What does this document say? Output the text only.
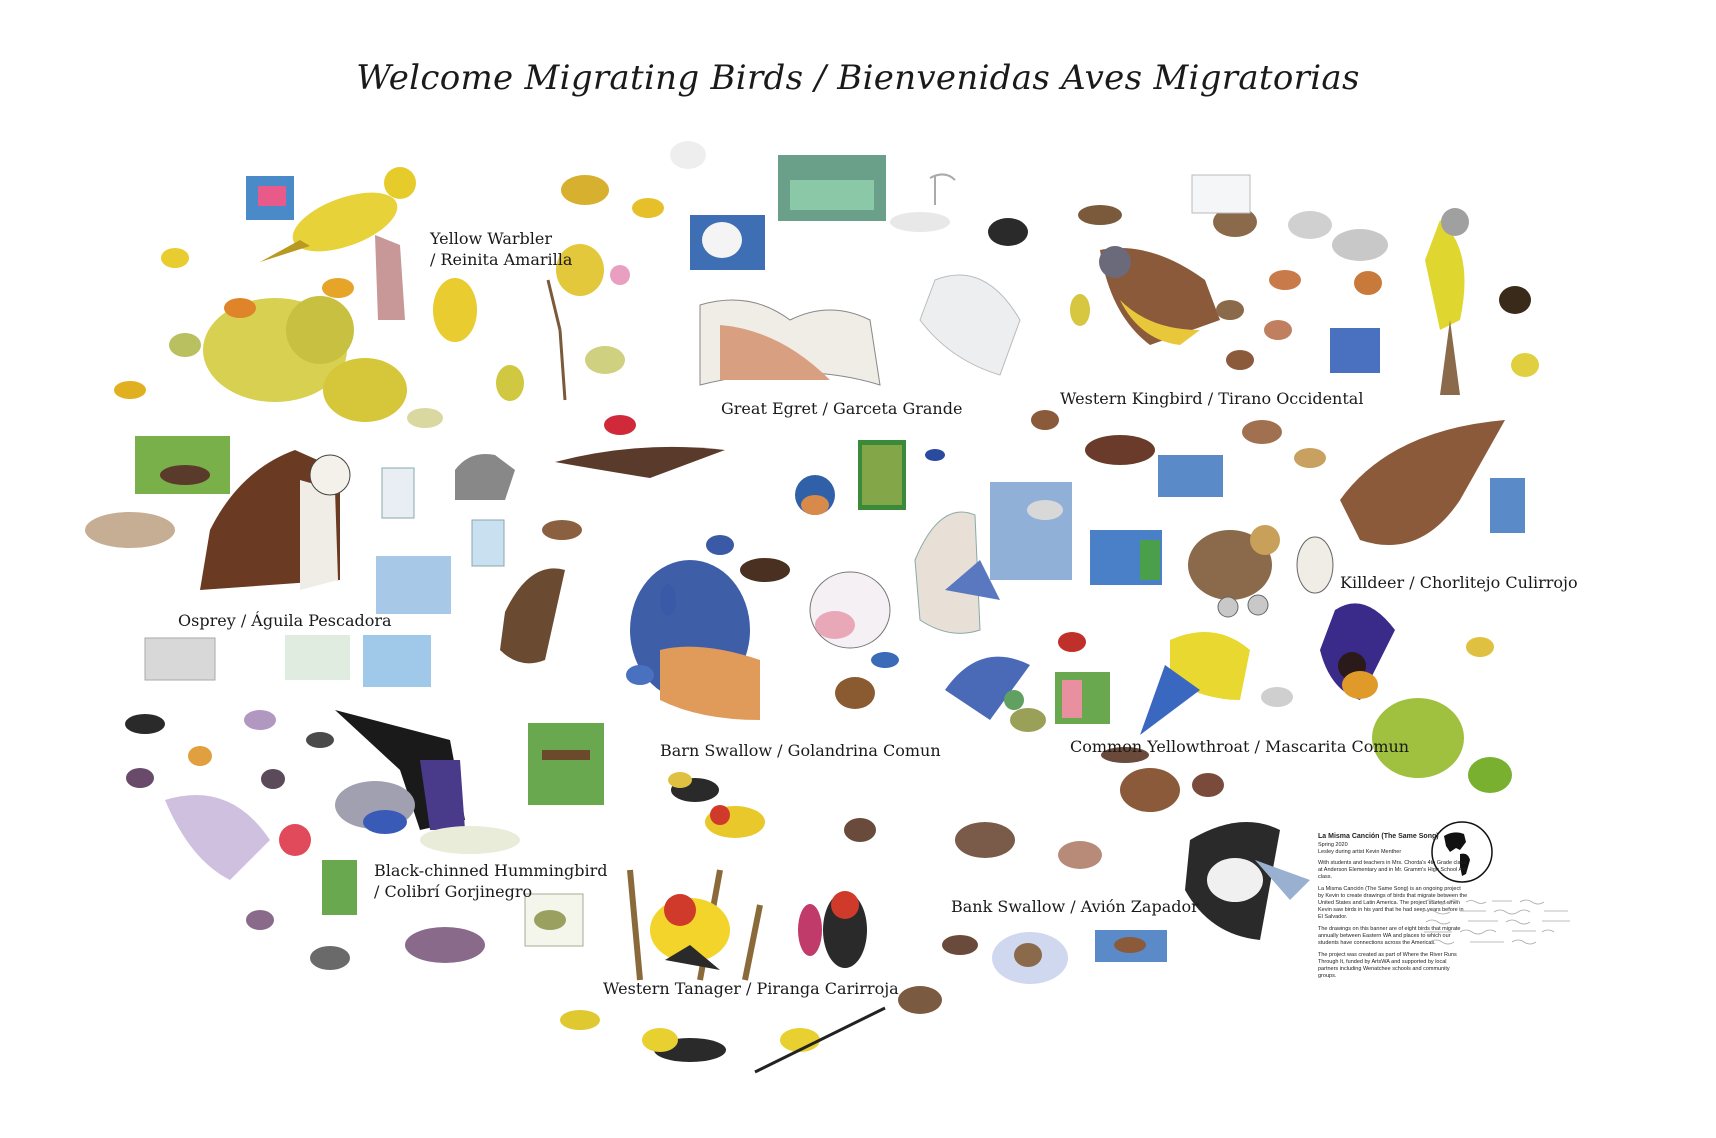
Welcome Migrating Birds / Bienvenidas Aves Migratorias
Yellow Warbler
/ Reinita Amarilla
Great Egret / Garceta Grande
Western Kingbird / Tirano Occidental
Osprey / Águila Pescadora
Killdeer / Chorlitejo Culirrojo
Barn Swallow / Golandrina Comun	Common Yellowthroat / Mascarita Comun
Black-chinned Hummingbird
/ Colibrí Gorjinegro
Bank Swallow / Avión Zapador
Western Tanager / Piranga Carirroja
La Misma Canción (The Same Song)
Spring 2020
Lesley during artist Kevin Menther
With students and teachers in Mrs. Chorda's 4th Grade class at Anderson Elementary and in Mr. Gramm's High School Art class.
La Misma Canción (The Same Song) is an ongoing project by Kevin to create drawings of birds that migrate between the United States and Latin America. The project started when Kevin saw birds in his yard that he had seen years before in El Salvador.
The drawings on this banner are of eight birds that migrate annually between Eastern WA and places to which our students have connections across the Americas.
The project was created as part of Where the River Runs Through It, funded by ArtsWA and supported by local partners including Wenatchee schools and community groups.
